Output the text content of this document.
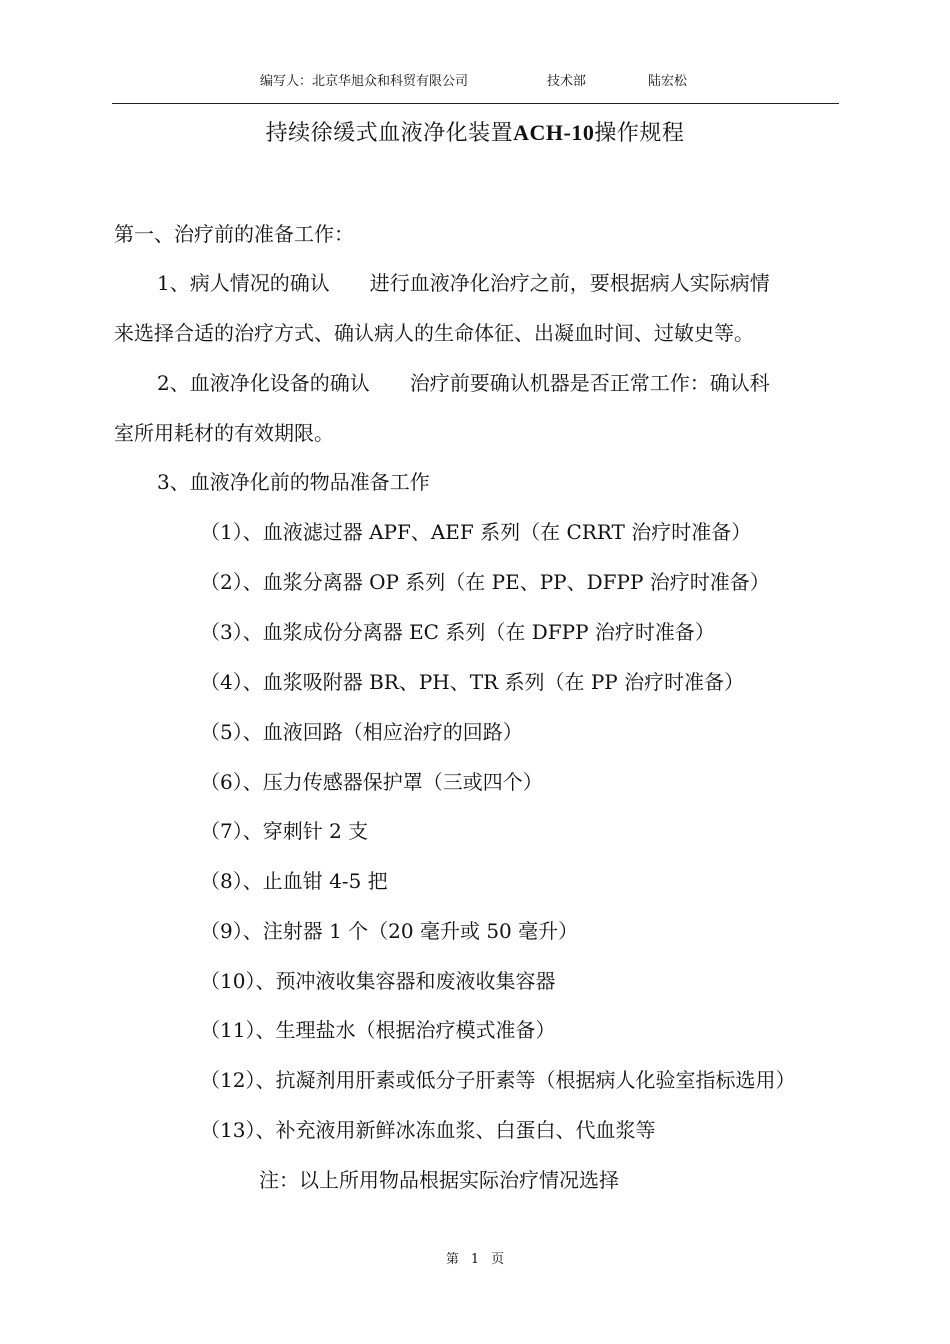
编写人：北京华旭众和科贸有限公司	技术部	陆宏松
持续徐缓式血液净化装置ACH-10操作规程
第一、治疗前的准备工作：
1、病人情况的确认　　进行血液净化治疗之前，要根据病人实际病情
来选择合适的治疗方式、确认病人的生命体征、出凝血时间、过敏史等。
2、血液净化设备的确认　　治疗前要确认机器是否正常工作：确认科
室所用耗材的有效期限。
3、血液净化前的物品准备工作
（1）、血液滤过器 APF、AEF 系列（在 CRRT 治疗时准备）
（2）、血浆分离器 OP 系列（在 PE、PP、DFPP 治疗时准备）
（3）、血浆成份分离器 EC 系列（在 DFPP 治疗时准备）
（4）、血浆吸附器 BR、PH、TR 系列（在 PP 治疗时准备）
（5）、血液回路（相应治疗的回路）
（6）、压力传感器保护罩（三或四个）
（7）、穿刺针 2 支
（8）、止血钳 4-5 把
（9）、注射器 1 个（20 毫升或 50 毫升）
（10）、预冲液收集容器和废液收集容器
（11）、生理盐水（根据治疗模式准备）
（12）、抗凝剂用肝素或低分子肝素等（根据病人化验室指标选用）
（13）、补充液用新鲜冰冻血浆、白蛋白、代血浆等
注：以上所用物品根据实际治疗情况选择
第 1 页
